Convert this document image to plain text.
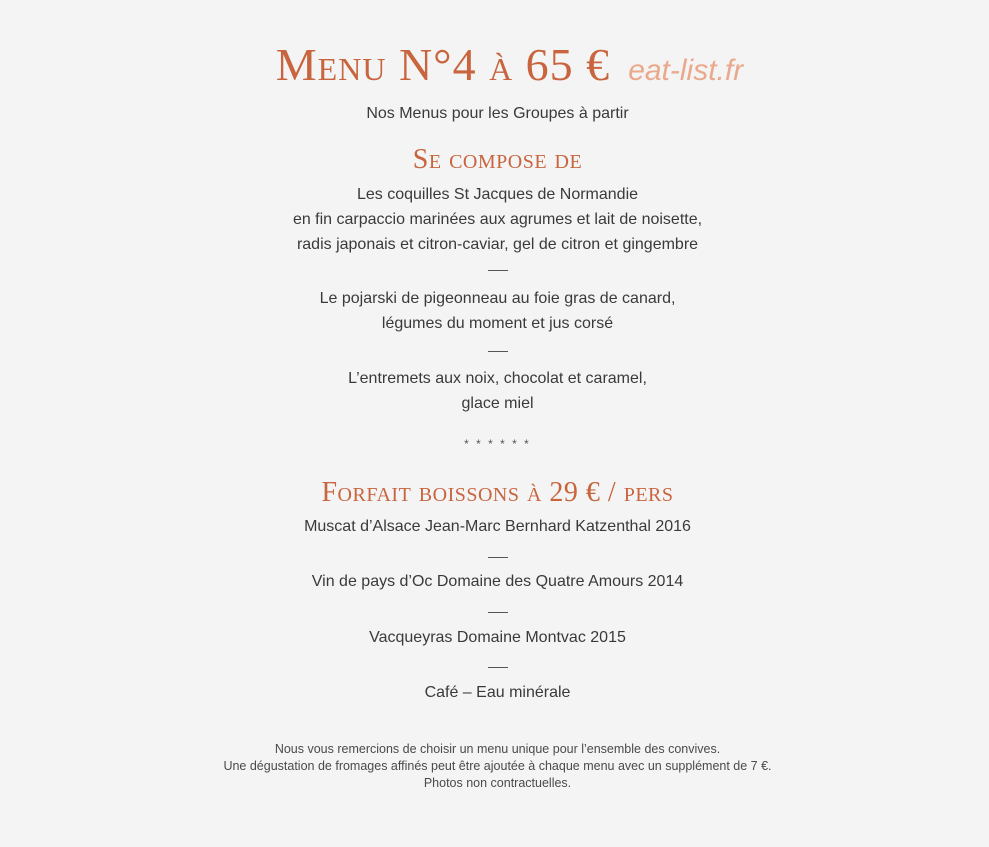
Menu N°4 à 65 € eat-list.fr
Nos Menus pour les Groupes à partir
Se compose de
Les coquilles St Jacques de Normandie
en fin carpaccio marinées aux agrumes et lait de noisette,
radis japonais et citron-caviar, gel de citron et gingembre
Le pojarski de pigeonneau au foie gras de canard,
légumes du moment et jus corsé
L’entremets aux noix, chocolat et caramel,
glace miel
* * * * * *
Forfait boissons à 29 € / pers
Muscat d’Alsace Jean-Marc Bernhard Katzenthal 2016
Vin de pays d’Oc Domaine des Quatre Amours 2014
Vacqueyras Domaine Montvac 2015
Café – Eau minérale
Nous vous remercions de choisir un menu unique pour l’ensemble des convives.
Une dégustation de fromages affinés peut être ajoutée à chaque menu avec un supplément de 7 €.
Photos non contractuelles.
